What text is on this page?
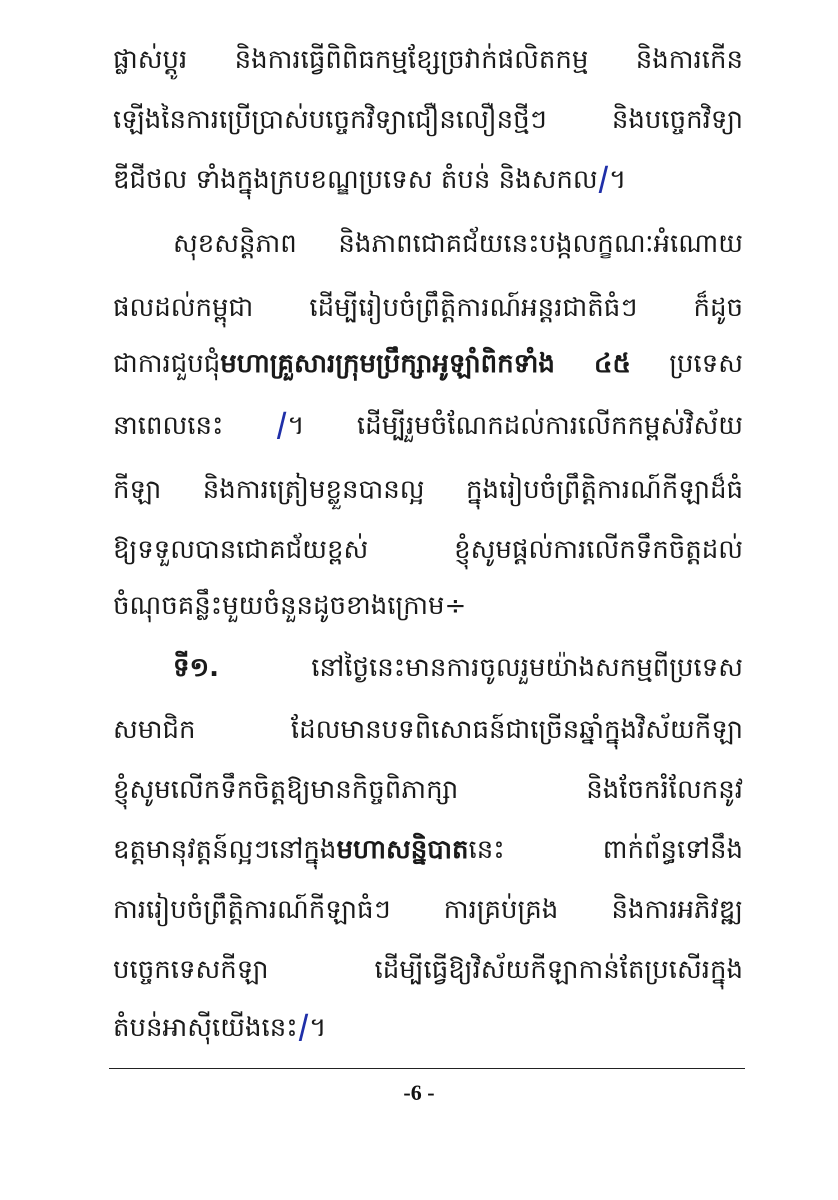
ផ្លាស់ប្តូរ និងការធ្វើពិពិធកម្មខ្សែច្រវាក់ផលិតកម្ម និងការកើន
ឡើងនៃការប្រើប្រាស់បច្ចេកវិទ្យាជឿនលឿនថ្មីៗ និងបច្ចេកវិទ្យា
ឌីជីថល ទាំងក្នុងក្របខណ្ឌប្រទេស តំបន់ និងសកល/។
សុខសន្តិភាព និងភាពជោគជ័យនេះបង្កលក្ខណៈអំណោយ
ផលដល់កម្ពុជា ដើម្បីរៀបចំព្រឹត្តិការណ៍អន្តរជាតិធំៗ ក៏ដូច
ជាការជួបជុំមហាគ្រួសារក្រុមប្រឹក្សាអូឡាំពិកទាំង ៤៥ ប្រទេស
នាពេលនេះ /។ ដើម្បីរួមចំណែកដល់ការលើកកម្ពស់វិស័យ
កីឡា និងការត្រៀមខ្លួនបានល្អ ក្នុងរៀបចំព្រឹត្តិការណ៍កីឡាដ៏ធំ
ឱ្យទទួលបានជោគជ័យខ្ពស់ ខ្ញុំសូមផ្តល់ការលើកទឹកចិត្តដល់
ចំណុចគន្លឹះមួយចំនួនដូចខាងក្រោម÷
ទី១.	នៅថ្ងៃនេះមានការចូលរួមយ៉ាងសកម្មពីប្រទេស
សមាជិក ដែលមានបទពិសោធន៍ជាច្រើនឆ្នាំក្នុងវិស័យកីឡា
ខ្ញុំសូមលើកទឹកចិត្តឱ្យមានកិច្ចពិភាក្សា និងចែករំលែកនូវ
ឧត្តមានុវត្តន៍ល្អៗនៅក្នុងមហាសន្និបាតនេះ ពាក់ព័ន្ធទៅនឹង
ការរៀបចំព្រឹត្តិការណ៍កីឡាធំៗ ការគ្រប់គ្រង និងការអភិវឌ្ឍ
បច្ចេកទេសកីឡា ដើម្បីធ្វើឱ្យវិស័យកីឡាកាន់តែប្រសើរក្នុង
តំបន់អាស៊ីយើងនេះ/។
-6 -
